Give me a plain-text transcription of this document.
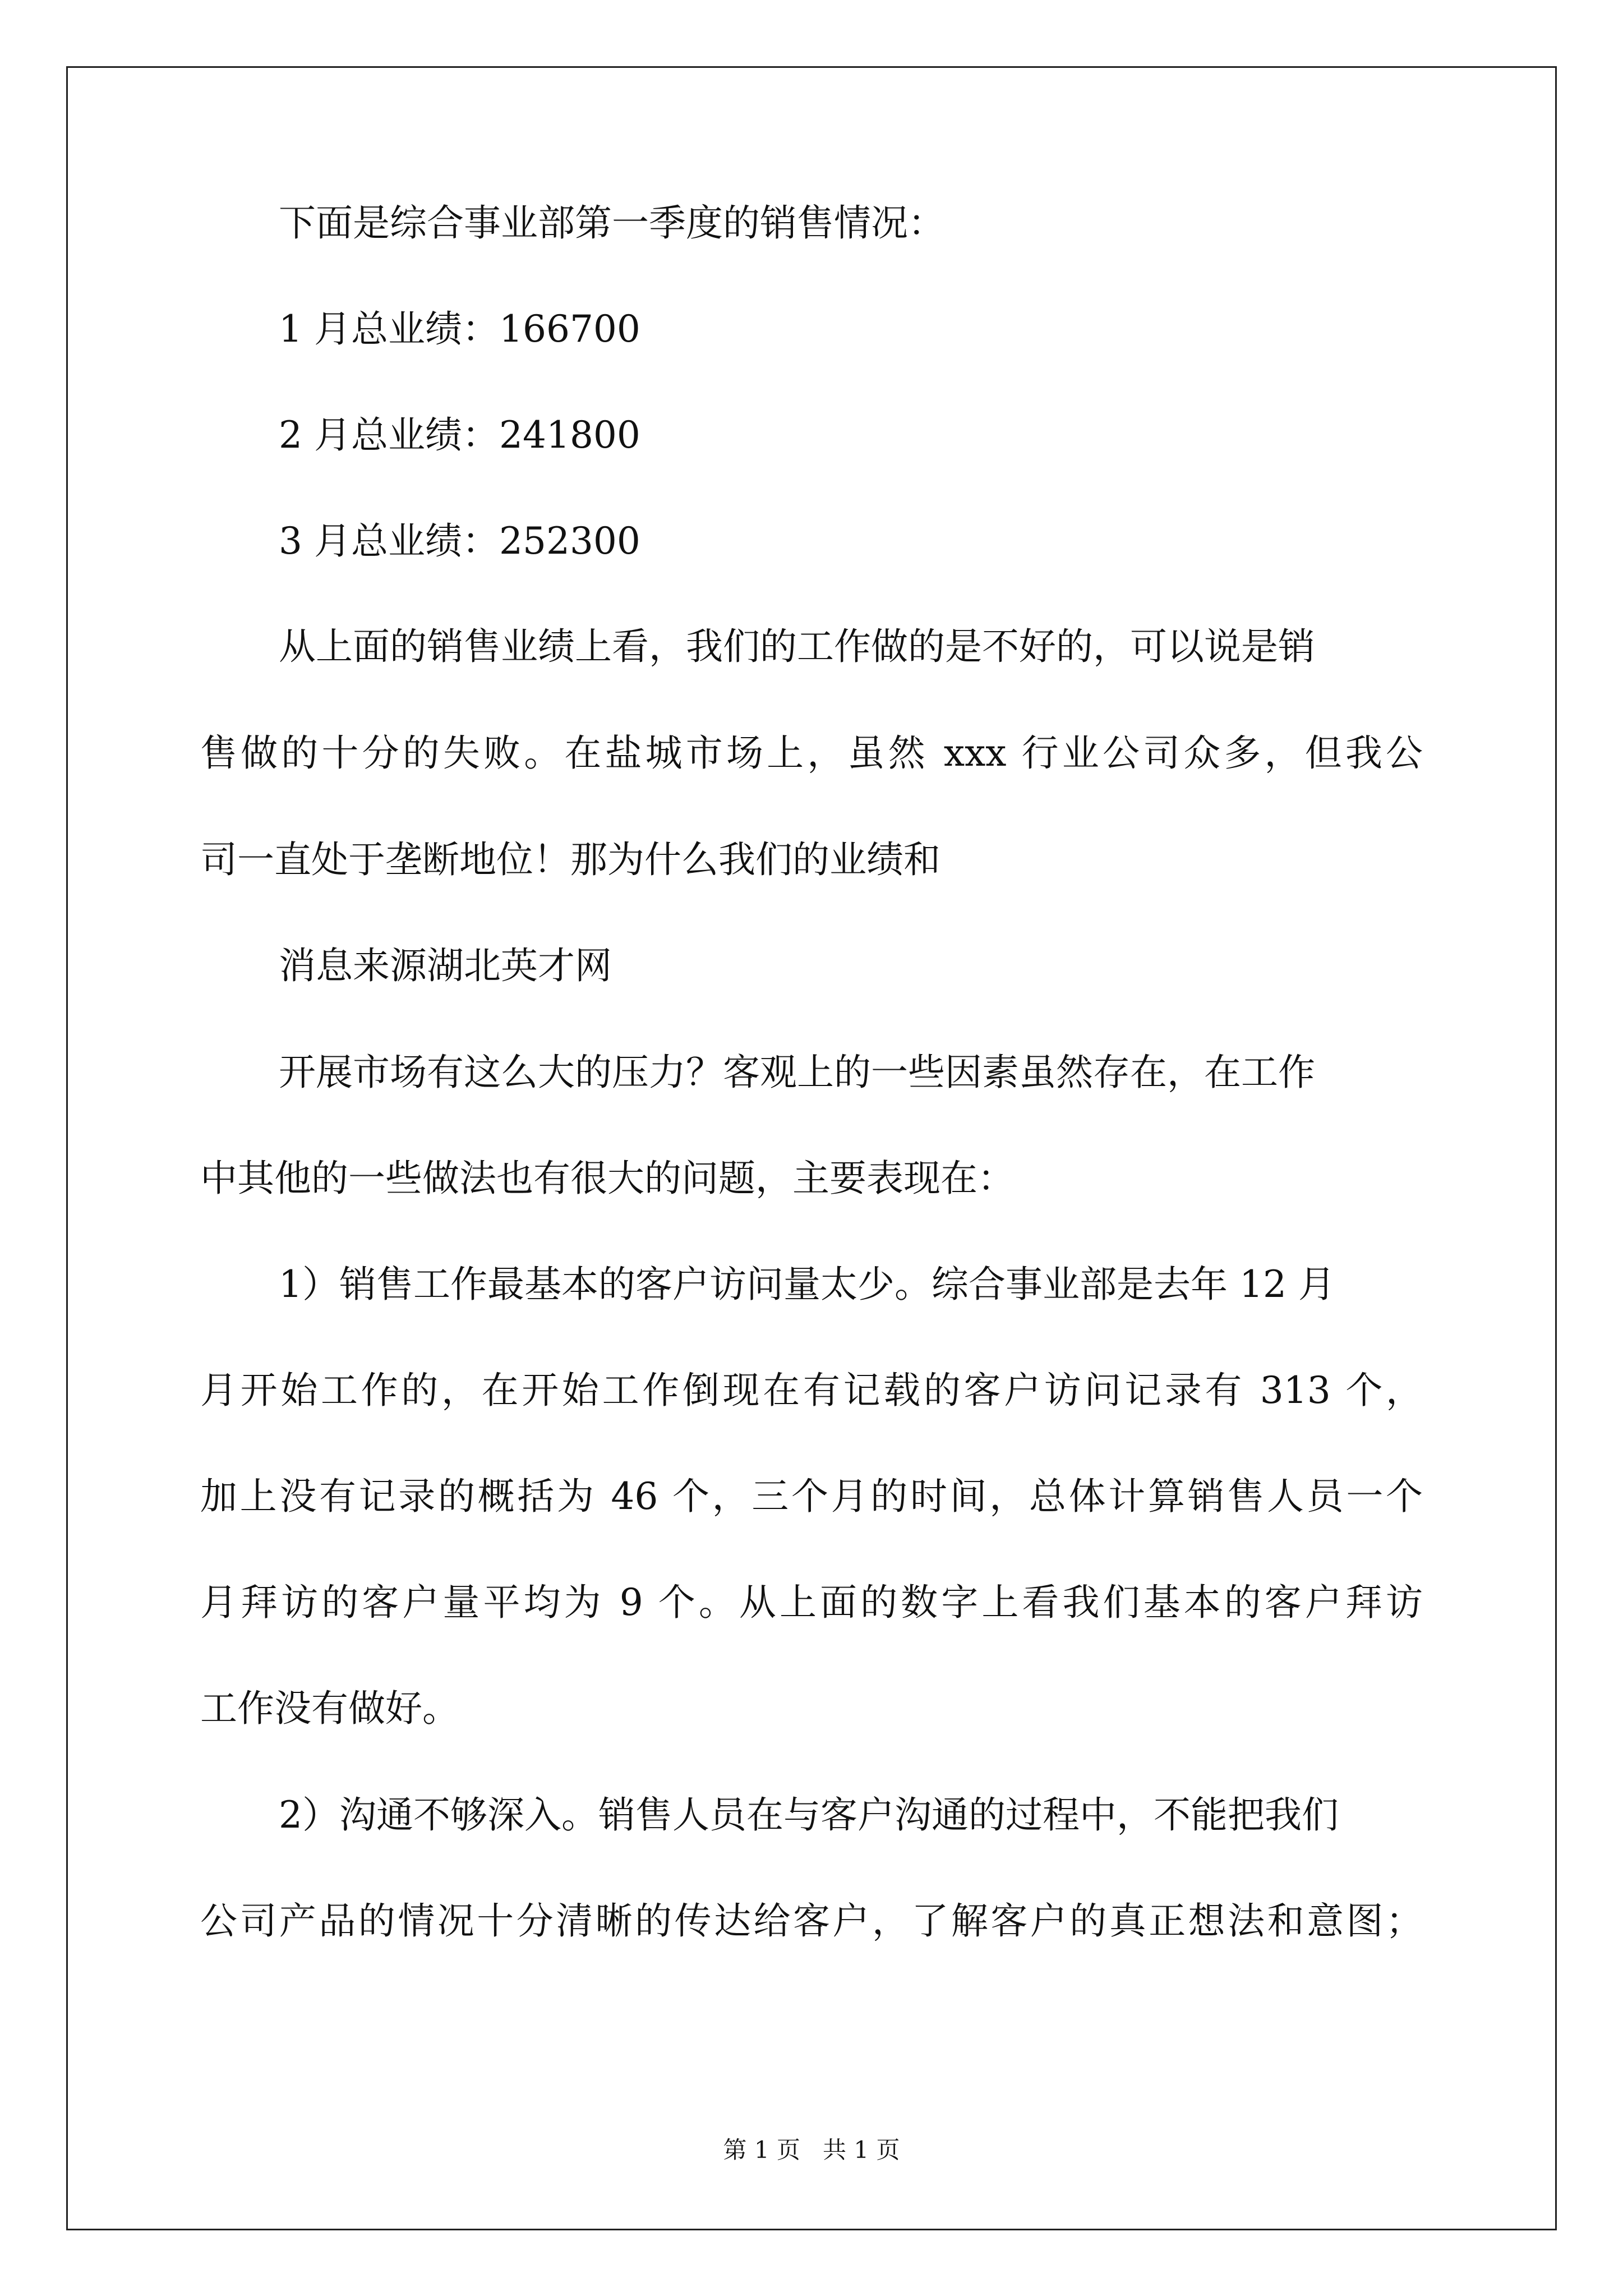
下面是综合事业部第一季度的销售情况：
1 月总业绩：166700
2 月总业绩：241800
3 月总业绩：252300
从上面的销售业绩上看，我们的工作做的是不好的，可以说是销
售做的十分的失败。在盐城市场上，虽然 xxx 行业公司众多，但我公
司一直处于垄断地位！那为什么我们的业绩和
消息来源湖北英才网
开展市场有这么大的压力？客观上的一些因素虽然存在，在工作
中其他的一些做法也有很大的问题，主要表现在：
1）销售工作最基本的客户访问量太少。综合事业部是去年 12 月
月开始工作的，在开始工作倒现在有记载的客户访问记录有 313 个，
加上没有记录的概括为 46 个，三个月的时间，总体计算销售人员一个
月拜访的客户量平均为 9 个。从上面的数字上看我们基本的客户拜访
工作没有做好。
2）沟通不够深入。销售人员在与客户沟通的过程中，不能把我们
公司产品的情况十分清晰的传达给客户，了解客户的真正想法和意图；
第 1 页   共 1 页
